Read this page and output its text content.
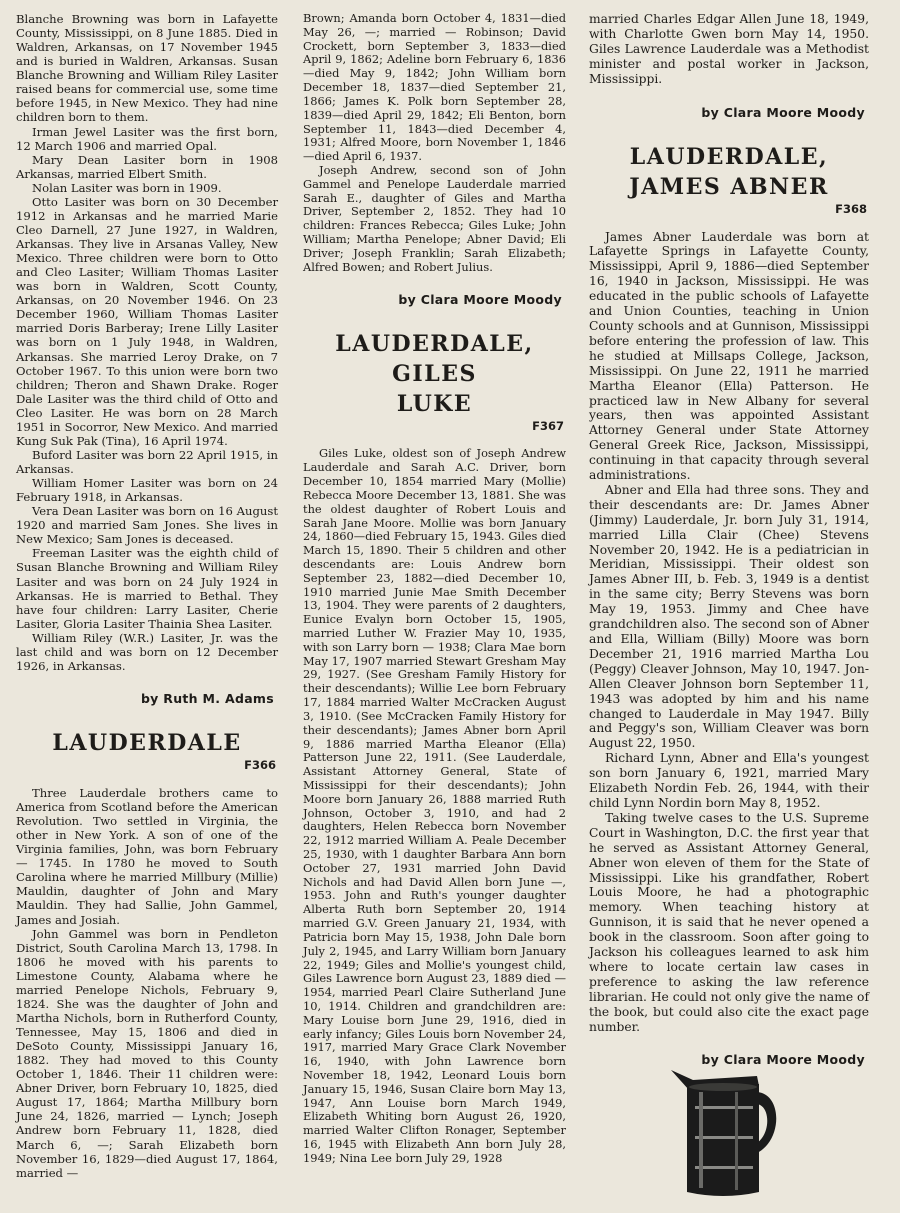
Blanche Browning was born in Lafayette County, Mississippi, on 8 June 1885. Died in Waldren, Arkansas, on 17 November 1945 and is buried in Waldren, Arkansas. Susan Blanche Browning and William Riley Lasiter raised beans for commercial use, some time before 1945, in New Mexico. They had nine children born to them.

Irman Jewel Lasiter was the first born, 12 March 1906 and married Opal.

Mary Dean Lasiter born in 1908 Arkansas, married Elbert Smith.

Nolan Lasiter was born in 1909.

Otto Lasiter was born on 30 December 1912 in Arkansas and he married Marie Cleo Darnell, 27 June 1927, in Waldren, Arkansas. They live in Arsanas Valley, New Mexico. Three children were born to Otto and Cleo Lasiter; William Thomas Lasiter was born in Waldren, Scott County, Arkansas, on 20 November 1946. On 23 December 1960, William Thomas Lasiter married Doris Barberay; Irene Lilly Lasiter was born on 1 July 1948, in Waldren, Arkansas. She married Leroy Drake, on 7 October 1967. To this union were born two children; Theron and Shawn Drake. Roger Dale Lasiter was the third child of Otto and Cleo Lasiter. He was born on 28 March 1951 in Socorror, New Mexico. And married Kung Suk Pak (Tina), 16 April 1974.

Buford Lasiter was born 22 April 1915, in Arkansas.

William Homer Lasiter was born on 24 February 1918, in Arkansas.

Vera Dean Lasiter was born on 16 August 1920 and married Sam Jones. She lives in New Mexico; Sam Jones is deceased.

Freeman Lasiter was the eighth child of Susan Blanche Browning and William Riley Lasiter and was born on 24 July 1924 in Arkansas. He is married to Bethal. They have four children: Larry Lasiter, Cherie Lasiter, Gloria Lasiter Thainia Shea Lasiter.

William Riley (W.R.) Lasiter, Jr. was the last child and was born on 12 December 1926, in Arkansas.

by Ruth M. Adams
LAUDERDALE
F366

Three Lauderdale brothers came to America from Scotland before the American Revolution. Two settled in Virginia, the other in New York. A son of one of the Virginia families, John, was born February — 1745. In 1780 he moved to South Carolina where he married Millbury (Millie) Mauldin, daughter of John and Mary Mauldin. They had Sallie, John Gammel, James and Josiah.

John Gammel was born in Pendleton District, South Carolina March 13, 1798. In 1806 he moved with his parents to Limestone County, Alabama where he married Penelope Nichols, February 9, 1824. She was the daughter of John and Martha Nichols, born in Rutherford County, Tennessee, May 15, 1806 and died in DeSoto County, Mississippi January 16, 1882. They had moved to this County October 1, 1846. Their 11 children were: Abner Driver, born February 10, 1825, died August 17, 1864; Martha Millbury born June 24, 1826, married — Lynch; Joseph Andrew born February 11, 1828, died March 6, —; Sarah Elizabeth born November 16, 1829—died August 17, 1864, married —

Brown; Amanda born October 4, 1831—died May 26, —; married — Robinson; David Crockett, born September 3, 1833—died April 9, 1862; Adeline born February 6, 1836—died May 9, 1842; John William born December 18, 1837—died September 21, 1866; James K. Polk born September 28, 1839—died April 29, 1842; Eli Benton, born September 11, 1843—died December 4, 1931; Alfred Moore, born November 1, 1846—died April 6, 1937.

Joseph Andrew, second son of John Gammel and Penelope Lauderdale married Sarah E., daughter of Giles and Martha Driver, September 2, 1852. They had 10 children: Frances Rebecca; Giles Luke; John William; Martha Penelope; Abner David; Eli Driver; Joseph Franklin; Sarah Elizabeth; Alfred Bowen; and Robert Julius.

by Clara Moore Moody
LAUDERDALE, GILES
LUKE
F367

Giles Luke, oldest son of Joseph Andrew Lauderdale and Sarah A.C. Driver, born December 10, 1854 married Mary (Mollie) Rebecca Moore December 13, 1881. She was the oldest daughter of Robert Louis and Sarah Jane Moore. Mollie was born January 24, 1860—died February 15, 1943. Giles died March 15, 1890. Their 5 children and other descendants are: Louis Andrew born September 23, 1882—died December 10, 1910 married Junie Mae Smith December 13, 1904. They were parents of 2 daughters, Eunice Evalyn born October 15, 1905, married Luther W. Frazier May 10, 1935, with son Larry born — 1938; Clara Mae born May 17, 1907 married Stewart Gresham May 29, 1927. (See Gresham Family History for their descendants); Willie Lee born February 17, 1884 married Walter McCracken August 3, 1910. (See McCracken Family History for their descendants); James Abner born April 9, 1886 married Martha Eleanor (Ella) Patterson June 22, 1911. (See Lauderdale, Assistant Attorney General, State of Mississippi for their descendants); John Moore born January 26, 1888 married Ruth Johnson, October 3, 1910, and had 2 daughters, Helen Rebecca born November 22, 1912 married William A. Peale December 25, 1930, with 1 daughter Barbara Ann born October 27, 1931 married John David Nichols and had David Allen born June —, 1953. John and Ruth's younger daughter Alberta Ruth born September 20, 1914 married G.V. Green January 21, 1934, with Patricia born May 15, 1938, John Dale born July 2, 1945, and Larry William born January 22, 1949; Giles and Mollie's youngest child, Giles Lawrence born August 23, 1889 died — 1954, married Pearl Claire Sutherland June 10, 1914. Children and grandchildren are: Mary Louise born June 29, 1916, died in early infancy; Giles Louis born November 24, 1917, married Mary Grace Clark November 16, 1940, with John Lawrence born November 18, 1942, Leonard Louis born January 15, 1946, Susan Claire born May 13, 1947, Ann Louise born March 1949, Elizabeth Whiting born August 26, 1920, married Walter Clifton Ronager, September 16, 1945 with Elizabeth Ann born July 28, 1949; Nina Lee born July 29, 1928

married Charles Edgar Allen June 18, 1949, with Charlotte Gwen born May 14, 1950. Giles Lawrence Lauderdale was a Methodist minister and postal worker in Jackson, Mississippi.

by Clara Moore Moody
LAUDERDALE,
JAMES ABNER
F368

James Abner Lauderdale was born at Lafayette Springs in Lafayette County, Mississippi, April 9, 1886—died September 16, 1940 in Jackson, Mississippi. He was educated in the public schools of Lafayette and Union Counties, teaching in Union County schools and at Gunnison, Mississippi before entering the profession of law. This he studied at Millsaps College, Jackson, Mississippi. On June 22, 1911 he married Martha Eleanor (Ella) Patterson. He practiced law in New Albany for several years, then was appointed Assistant Attorney General under State Attorney General Greek Rice, Jackson, Mississippi, continuing in that capacity through several administrations.

Abner and Ella had three sons. They and their descendants are: Dr. James Abner (Jimmy) Lauderdale, Jr. born July 31, 1914, married Lilla Clair (Chee) Stevens November 20, 1942. He is a pediatrician in Meridian, Mississippi. Their oldest son James Abner III, b. Feb. 3, 1949 is a dentist in the same city; Berry Stevens was born May 19, 1953. Jimmy and Chee have grandchildren also. The second son of Abner and Ella, William (Billy) Moore was born December 21, 1916 married Martha Lou (Peggy) Cleaver Johnson, May 10, 1947. Jon-Allen Cleaver Johnson born September 11, 1943 was adopted by him and his name changed to Lauderdale in May 1947. Billy and Peggy's son, William Cleaver was born August 22, 1950.

Richard Lynn, Abner and Ella's youngest son born January 6, 1921, married Mary Elizabeth Nordin Feb. 26, 1944, with their child Lynn Nordin born May 8, 1952.

Taking twelve cases to the U.S. Supreme Court in Washington, D.C. the first year that he served as Assistant Attorney General, Abner won eleven of them for the State of Mississippi. Like his grandfather, Robert Louis Moore, he had a photographic memory. When teaching history at Gunnison, it is said that he never opened a book in the classroom. Soon after going to Jackson his colleagues learned to ask him where to locate certain law cases in preference to asking the law reference librarian. He could not only give the name of the book, but could also cite the exact page number.

by Clara Moore Moody
